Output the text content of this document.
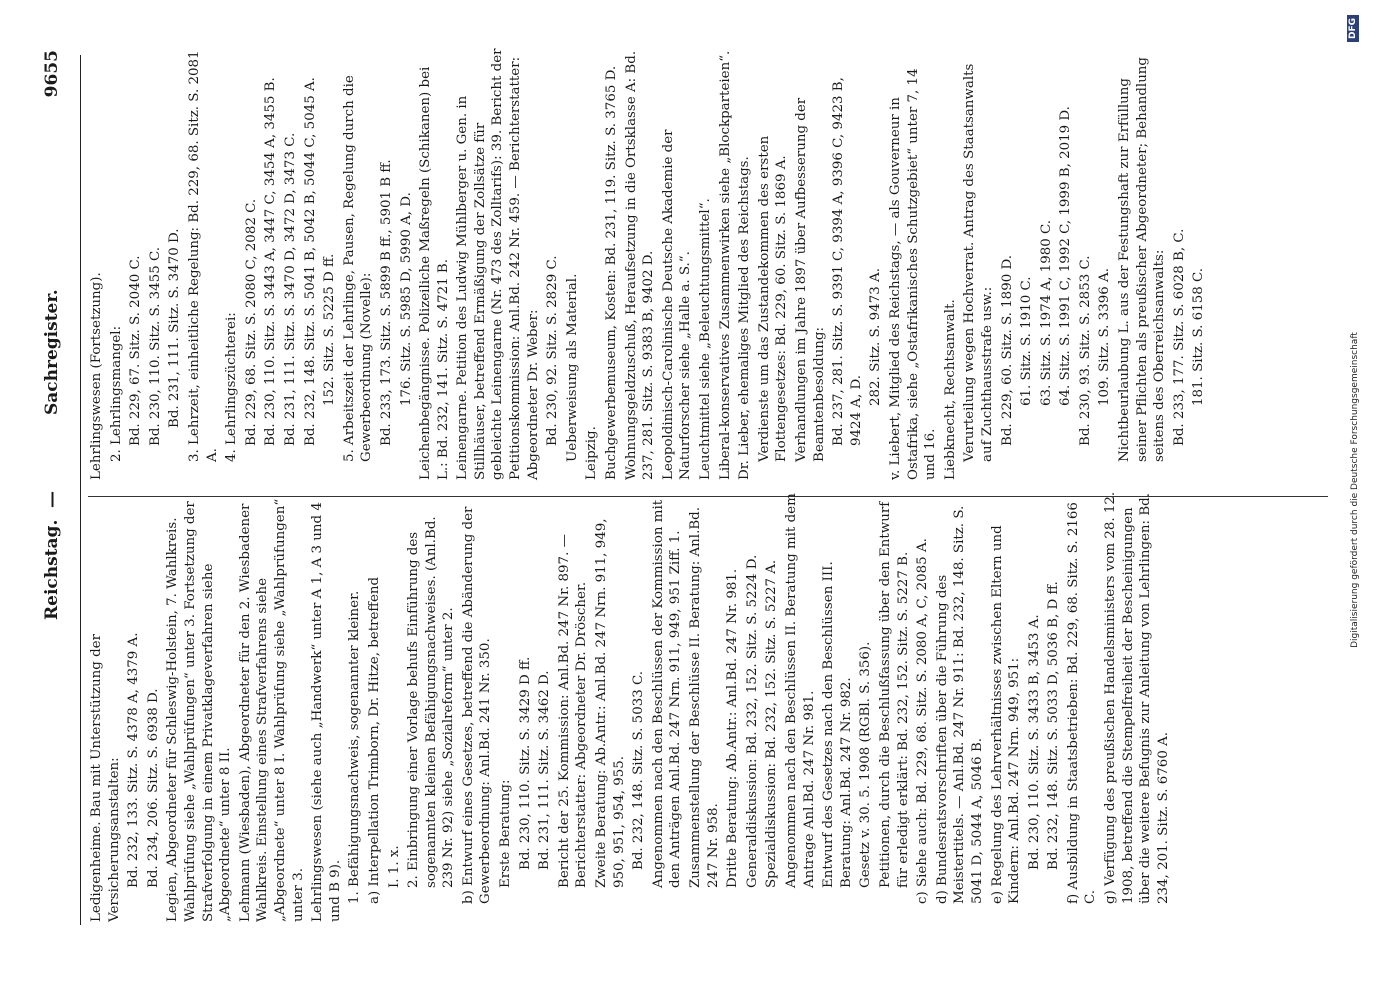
Reichstag.
—
Sachregister.
9655
Ledigenheime. Bau mit Unterstützung der Versicherungsanstalten: Bd. 232, 133. Sitz. S. 4378 A, 4379 A. Bd. 234, 206. Sitz. S. 6938 D. Legien, Abgeordneter für Schleswig-Holstein, 7. Wahlkreis. Wahlprüfung siehe „Wahlprüfungen“ unter 3. Fortsetzung der Strafverfolgung in einem Privatklageverfahren siehe „Abgeordnete“ unter 8 II. Lehmann (Wiesbaden), Abgeordneter für den 2. Wiesbadener Wahlkreis. Einstellung eines Strafverfahrens siehe „Abgeordnete“ unter 8 I. Wahlprüfung siehe „Wahlprüfungen“ unter 3. Lehrlingswesen (siehe auch „Handwerk“ unter A 1, A 3 und 4 und B 9). 1. Befähigungsnachweis, sogenannter kleiner. a) Interpellation Trimborn, Dr. Hitze, betreffend I. 1. x. 2. Einbringung einer Vorlage behufs Einführung des sogenannten kleinen Befähigungsnachweises. (Anl.Bd. 239 Nr. 92) siehe „Sozialreform“ unter 2. b) Entwurf eines Gesetzes, betreffend die Abänderung der Gewerbeordnung: Anl.Bd. 241 Nr. 350. Erste Beratung: Bd. 230, 110. Sitz. S. 3429 D ff. Bd. 231, 111. Sitz. S. 3462 D. Bericht der 25. Kommission: Anl.Bd. 247 Nr. 897. — Berichterstatter: Abgeordneter Dr. Dröscher. Zweite Beratung: Ab.Antr.: Anl.Bd. 247 Nrn. 911, 949, 950, 951, 954, 955. Bd. 232, 148. Sitz. S. 5033 C. Angenommen nach den Beschlüssen der Kommission mit den Anträgen Anl.Bd. 247 Nrn. 911, 949, 951 Ziff. 1. Zusammenstellung der Beschlüsse II. Beratung: Anl.Bd. 247 Nr. 958. Dritte Beratung: Ab.Antr.: Anl.Bd. 247 Nr. 981. Generaldiskussion: Bd. 232, 152. Sitz. S. 5224 D. Spezialdiskussion: Bd. 232, 152. Sitz. S. 5227 A. Angenommen nach den Beschlüssen II. Beratung mit dem Antrage Anl.Bd. 247 Nr. 981. Entwurf des Gesetzes nach den Beschlüssen III. Beratung: Anl.Bd. 247 Nr. 982. Gesetz v. 30. 5. 1908 (RGBl. S. 356). Petitionen, durch die Beschlußfassung über den Entwurf für erledigt erklärt: Bd. 232, 152. Sitz. S. 5227 B. c) Siehe auch: Bd. 229, 68. Sitz. S. 2080 A, C, 2085 A. d) Bundesratsvorschriften über die Führung des Meistertitels. — Anl.Bd. 247 Nr. 911: Bd. 232, 148. Sitz. S. 5041 D, 5044 A, 5046 B. e) Regelung des Lehrverhältnisses zwischen Eltern und Kindern: Anl.Bd. 247 Nrn. 949, 951: Bd. 230, 110. Sitz. S. 3433 B, 3453 A. Bd. 232, 148. Sitz. S. 5033 D, 5036 B, D ff. f) Ausbildung in Staatsbetrieben: Bd. 229, 68. Sitz. S. 2166 C. g) Verfügung des preußischen Handelsministers vom 28. 12. 1908, betreffend die Stempelfreiheit der Bescheinigungen über die weitere Befugnis zur Anleitung von Lehrlingen: Bd. 234, 201. Sitz. S. 6760 A.
Lehrlingswesen (Fortsetzung). 2. Lehrlingsmangel: Bd. 229, 67. Sitz. S. 2040 C. Bd. 230, 110. Sitz. S. 3455 C. Bd. 231, 111. Sitz. S. 3470 D. 3. Lehrzeit, einheitliche Regelung: Bd. 229, 68. Sitz. S. 2081 A. 4. Lehrlingszüchterei: Bd. 229, 68. Sitz. S. 2080 C, 2082 C. Bd. 230, 110. Sitz. S. 3443 A, 3447 C, 3454 A, 3455 B. Bd. 231, 111. Sitz. S. 3470 D, 3472 D, 3473 C. Bd. 232, 148. Sitz. S. 5041 B, 5042 B, 5044 C, 5045 A. 152. Sitz. S. 5225 D ff. 5. Arbeitszeit der Lehrlinge, Pausen, Regelung durch die Gewerbeordnung (Novelle): Bd. 233, 173. Sitz. S. 5899 B ff., 5901 B ff. 176. Sitz. S. 5985 D, 5990 A, D. Leichenbegängnisse. Polizeiliche Maßregeln (Schikanen) bei L.: Bd. 232, 141. Sitz. S. 4721 B. Leinengarne. Petition des Ludwig Mühlberger u. Gen. in Stillhäuser, betreffend Ermäßigung der Zollsätze für gebleichte Leinengarne (Nr. 473 des Zolltarifs): 39. Bericht der Petitionskommission: Anl.Bd. 242 Nr. 459. — Berichterstatter: Abgeordneter Dr. Weber: Bd. 230, 92. Sitz. S. 2829 C. Ueberweisung als Material. Leipzig. Buchgewerbemuseum, Kosten: Bd. 231, 119. Sitz. S. 3765 D. Wohnungsgeldzuschuß, Heraufsetzung in die Ortsklasse A: Bd. 237, 281. Sitz. S. 9383 B, 9402 D. Leopoldinisch-Carolinische Deutsche Akademie der Naturforscher siehe „Halle a. S.“. Leuchtmittel siehe „Beleuchtungsmittel“. Liberal-konservatives Zusammenwirken siehe „Blockparteien“. Dr. Lieber, ehemaliges Mitglied des Reichstags. Verdienste um das Zustandekommen des ersten Flottengesetzes: Bd. 229, 60. Sitz. S. 1869 A. Verhandlungen im Jahre 1897 über Aufbesserung der Beamtenbesoldung: Bd. 237, 281. Sitz. S. 9391 C, 9394 A, 9396 C, 9423 B, 9424 A, D.
282. Sitz. S. 9473 A. v. Liebert, Mitglied des Reichstags, — als Gouverneur in Ostafrika, siehe „Ostafrikanisches Schutzgebiet“ unter 7, 14 und 16. Liebknecht, Rechtsanwalt. Verurteilung wegen Hochverrat. Antrag des Staatsanwalts auf Zuchthausstrafe usw.: Bd. 229, 60. Sitz. S. 1890 D. 61. Sitz. S. 1910 C. 63. Sitz. S. 1974 A, 1980 C. 64. Sitz. S. 1991 C, 1992 C, 1999 B, 2019 D. Bd. 230, 93. Sitz. S. 2853 C. 109. Sitz. S. 3396 A. Nichtbeurlaubung L. aus der Festungshaft zur Erfüllung seiner Pflichten als preußischer Abgeordneter; Behandlung seitens des Oberreichsanwalts: Bd. 233, 177. Sitz. S. 6028 B, C. 181. Sitz. S. 6158 C.	Digitalisierung gefördert durch die Deutsche Forschungsgemeinschaft
DFG
